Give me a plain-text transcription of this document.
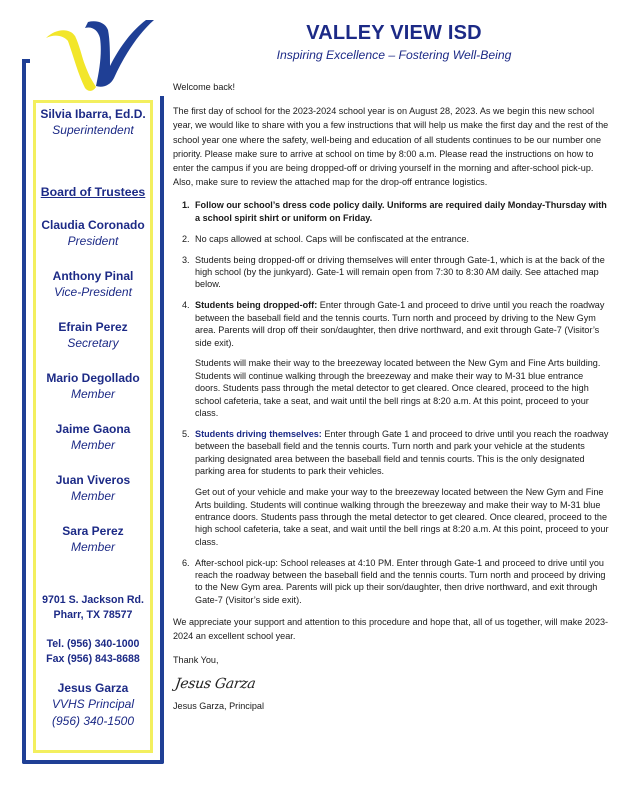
Silvia Ibarra, Ed.D.
Superintendent
Board of Trustees
Claudia Coronado
President
Anthony Pinal
Vice-President
Efrain Perez
Secretary
Mario Degollado
Member
Jaime Gaona
Member
Juan Viveros
Member
Sara Perez
Member
9701 S. Jackson Rd.
Pharr, TX 78577
Tel. (956) 340-1000
Fax (956) 843-8688
Jesus Garza
VVHS Principal
(956) 340-1500
VALLEY VIEW ISD
Inspiring Excellence – Fostering Well-Being

Welcome back!

The first day of school for the 2023-2024 school year is on August 28, 2023. As we begin this new school year, we would like to share with you a few instructions that will help us make the first day and the rest of the school year one where the safety, well-being and education of all students continues to be our number one priority. Please make sure to arrive at school on time by 8:00 a.m. Please read the instructions on how to enter the campus if you are being dropped-off or driving yourself in the morning and after-school pick-up. Also, make sure to review the attached map for the drop-off entrance logistics.

1. Follow our school’s dress code policy daily. Uniforms are required daily Monday-Thursday with a school spirit shirt or uniform on Friday.
2. No caps allowed at school. Caps will be confiscated at the entrance.
3. Students being dropped-off or driving themselves will enter through Gate-1, which is at the back of the high school (by the junkyard). Gate-1 will remain open from 7:30 to 8:30 AM daily. See attached map below.
4. Students being dropped-off: Enter through Gate-1 and proceed to drive until you reach the roadway between the baseball field and the tennis courts. Turn north and proceed by driving to the New Gym area. Parents will drop off their son/daughter, then drive northward, and exit through Gate-7 (Visitor’s side exit).
Students will make their way to the breezeway located between the New Gym and Fine Arts building. Students will continue walking through the breezeway and make their way to M-31 blue entrance doors. Students pass through the metal detector to get cleared. Once cleared, proceed to the high school cafeteria, take a seat, and wait until the bell rings at 8:20 a.m. At this point, proceed to your class.
5. Students driving themselves: Enter through Gate 1 and proceed to drive until you reach the roadway between the baseball field and the tennis courts. Turn north and park your vehicle at the students parking designated area between the baseball field and tennis courts. This is the only designated parking area for students to park their vehicles.
Get out of your vehicle and make your way to the breezeway located between the New Gym and Fine Arts building. Students will continue walking through the breezeway and make their way to M-31 blue entrance doors. Students pass through the metal detector to get cleared. Once cleared, proceed to the high school cafeteria, take a seat, and wait until the bell rings at 8:20 a.m. At this point, proceed to your class.
6. After-school pick-up: School releases at 4:10 PM. Enter through Gate-1 and proceed to drive until you reach the roadway between the baseball field and the tennis courts. Turn north and proceed by driving to the New Gym area. Parents will pick up their son/daughter, then drive northward, and exit through Gate-7 (Visitor’s side exit).

We appreciate your support and attention to this procedure and hope that, all of us together, will make 2023-2024 an excellent school year.

Thank You,

Jesus Garza

Jesus Garza, Principal
